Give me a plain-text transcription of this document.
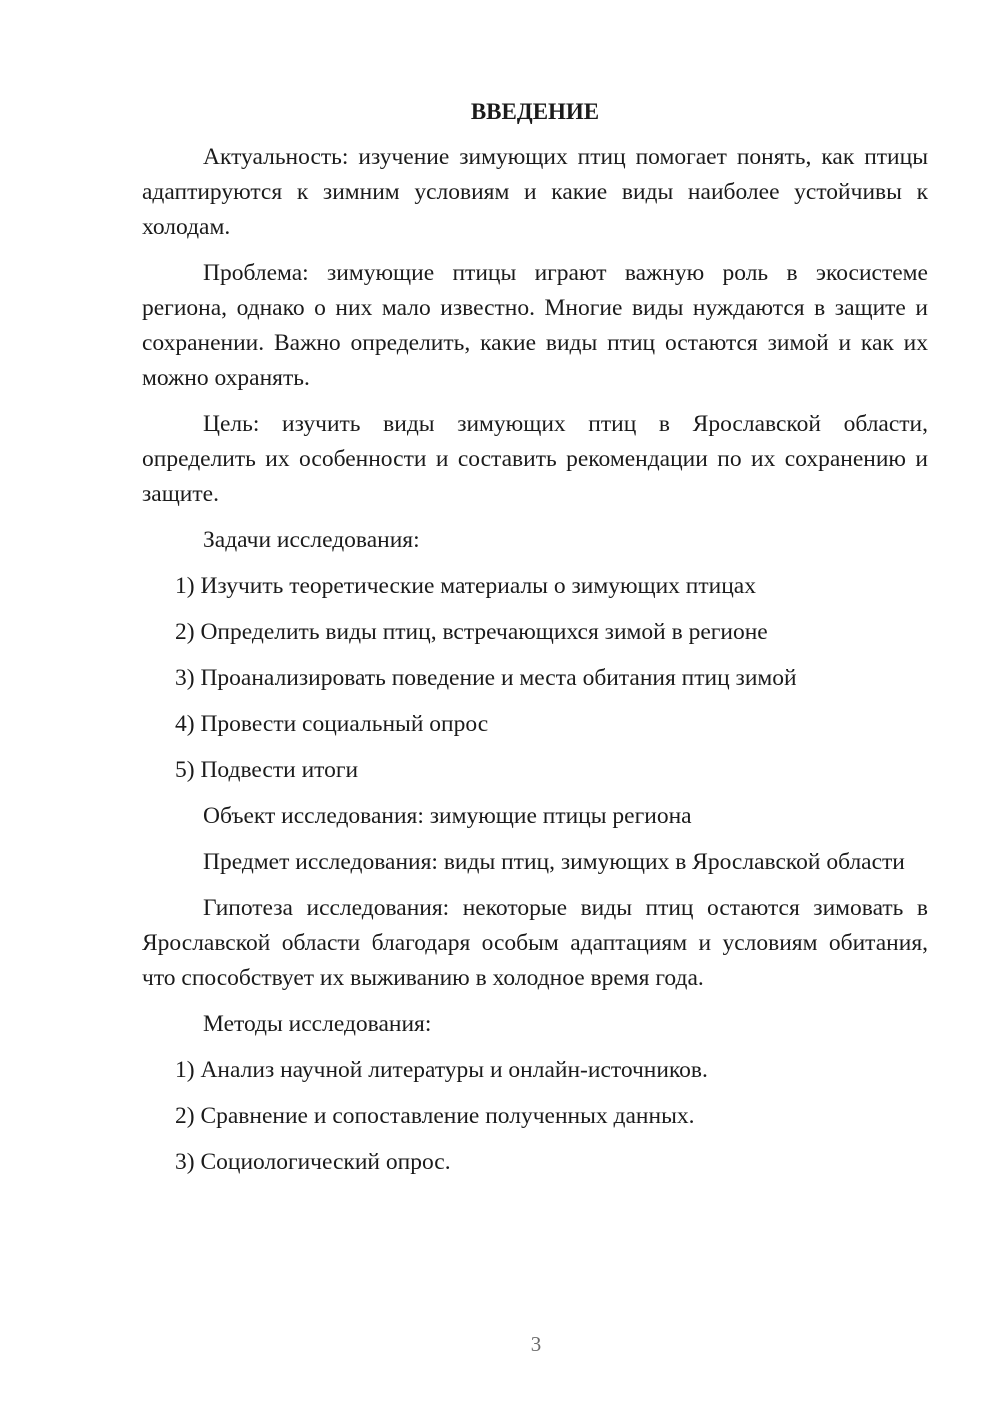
ВВЕДЕНИЕ

Актуальность: изучение зимующих птиц помогает понять, как птицы адаптируются к зимним условиям и какие виды наиболее устойчивы к холодам.

Проблема: зимующие птицы играют важную роль в экосистеме региона, однако о них мало известно. Многие виды нуждаются в защите и сохранении. Важно определить, какие виды птиц остаются зимой и как их можно охранять.

Цель: изучить виды зимующих птиц в Ярославской области, определить их особенности и составить рекомендации по их сохранению и защите.

Задачи исследования:

1) Изучить теоретические материалы о зимующих птицах
2) Определить виды птиц, встречающихся зимой в регионе
3) Проанализировать поведение и места обитания птиц зимой
4) Провести социальный опрос
5) Подвести итоги

Объект исследования: зимующие птицы региона

Предмет исследования: виды птиц, зимующих в Ярославской области

Гипотеза исследования: некоторые виды птиц остаются зимовать в Ярославской области благодаря особым адаптациям и условиям обитания, что способствует их выживанию в холодное время года.

Методы исследования:

1) Анализ научной литературы и онлайн-источников.
2) Сравнение и сопоставление полученных данных.
3) Социологический опрос.
3
